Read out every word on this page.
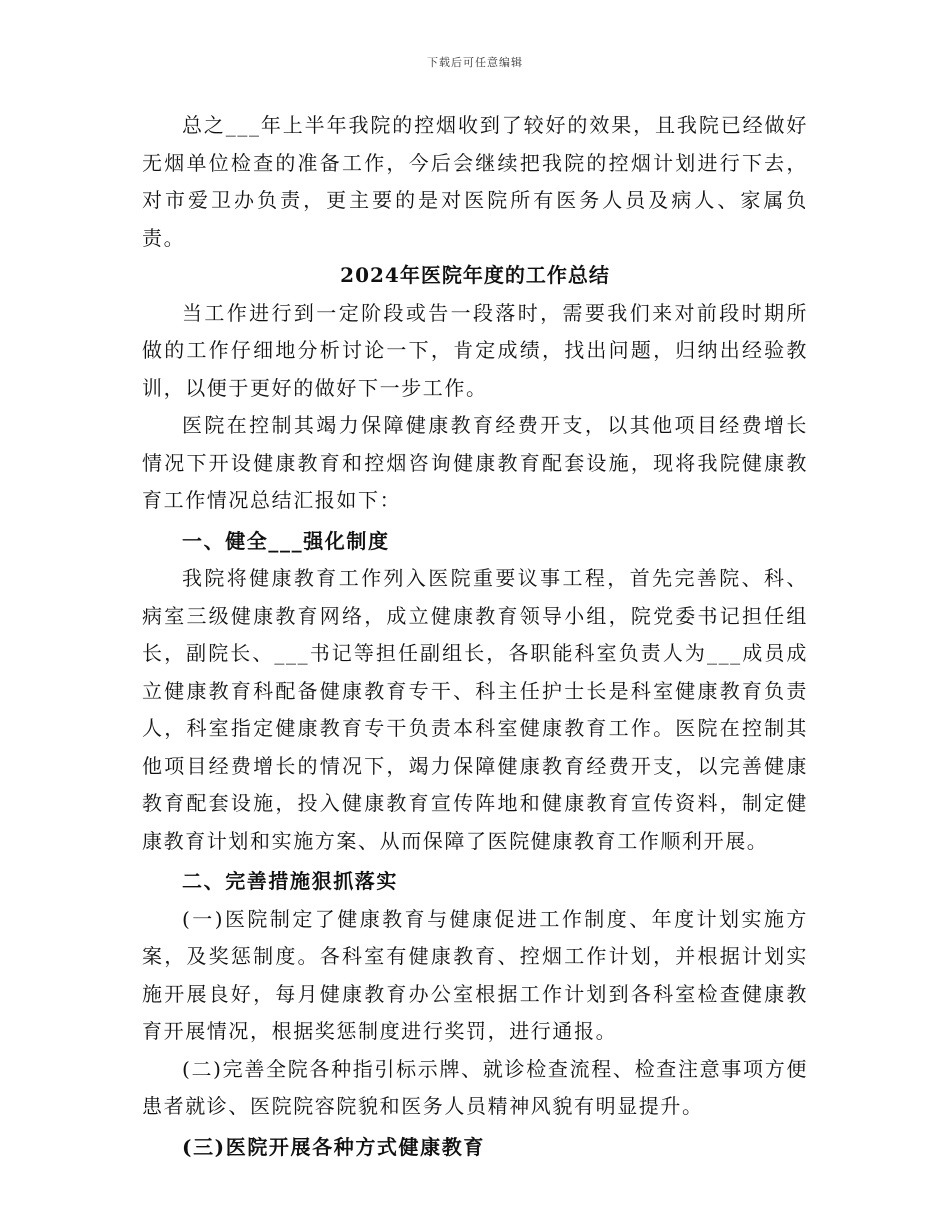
下载后可任意编辑

总之___年上半年我院的控烟收到了较好的效果，且我院已经做好无烟单位检查的准备工作，今后会继续把我院的控烟计划进行下去，对市爱卫办负责，更主要的是对医院所有医务人员及病人、家属负责。

2024年医院年度的工作总结

当工作进行到一定阶段或告一段落时，需要我们来对前段时期所做的工作仔细地分析讨论一下，肯定成绩，找出问题，归纳出经验教训，以便于更好的做好下一步工作。

医院在控制其竭力保障健康教育经费开支，以其他项目经费增长情况下开设健康教育和控烟咨询健康教育配套设施，现将我院健康教育工作情况总结汇报如下：

一、健全___强化制度

我院将健康教育工作列入医院重要议事工程，首先完善院、科、病室三级健康教育网络，成立健康教育领导小组，院党委书记担任组长，副院长、___书记等担任副组长，各职能科室负责人为___成员成立健康教育科配备健康教育专干、科主任护士长是科室健康教育负责人，科室指定健康教育专干负责本科室健康教育工作。医院在控制其他项目经费增长的情况下，竭力保障健康教育经费开支，以完善健康教育配套设施，投入健康教育宣传阵地和健康教育宣传资料，制定健康教育计划和实施方案、从而保障了医院健康教育工作顺利开展。

二、完善措施狠抓落实

(一)医院制定了健康教育与健康促进工作制度、年度计划实施方案，及奖惩制度。各科室有健康教育、控烟工作计划，并根据计划实施开展良好，每月健康教育办公室根据工作计划到各科室检查健康教育开展情况，根据奖惩制度进行奖罚，进行通报。

(二)完善全院各种指引标示牌、就诊检查流程、检查注意事项方便患者就诊、医院院容院貌和医务人员精神风貌有明显提升。

(三)医院开展各种方式健康教育
